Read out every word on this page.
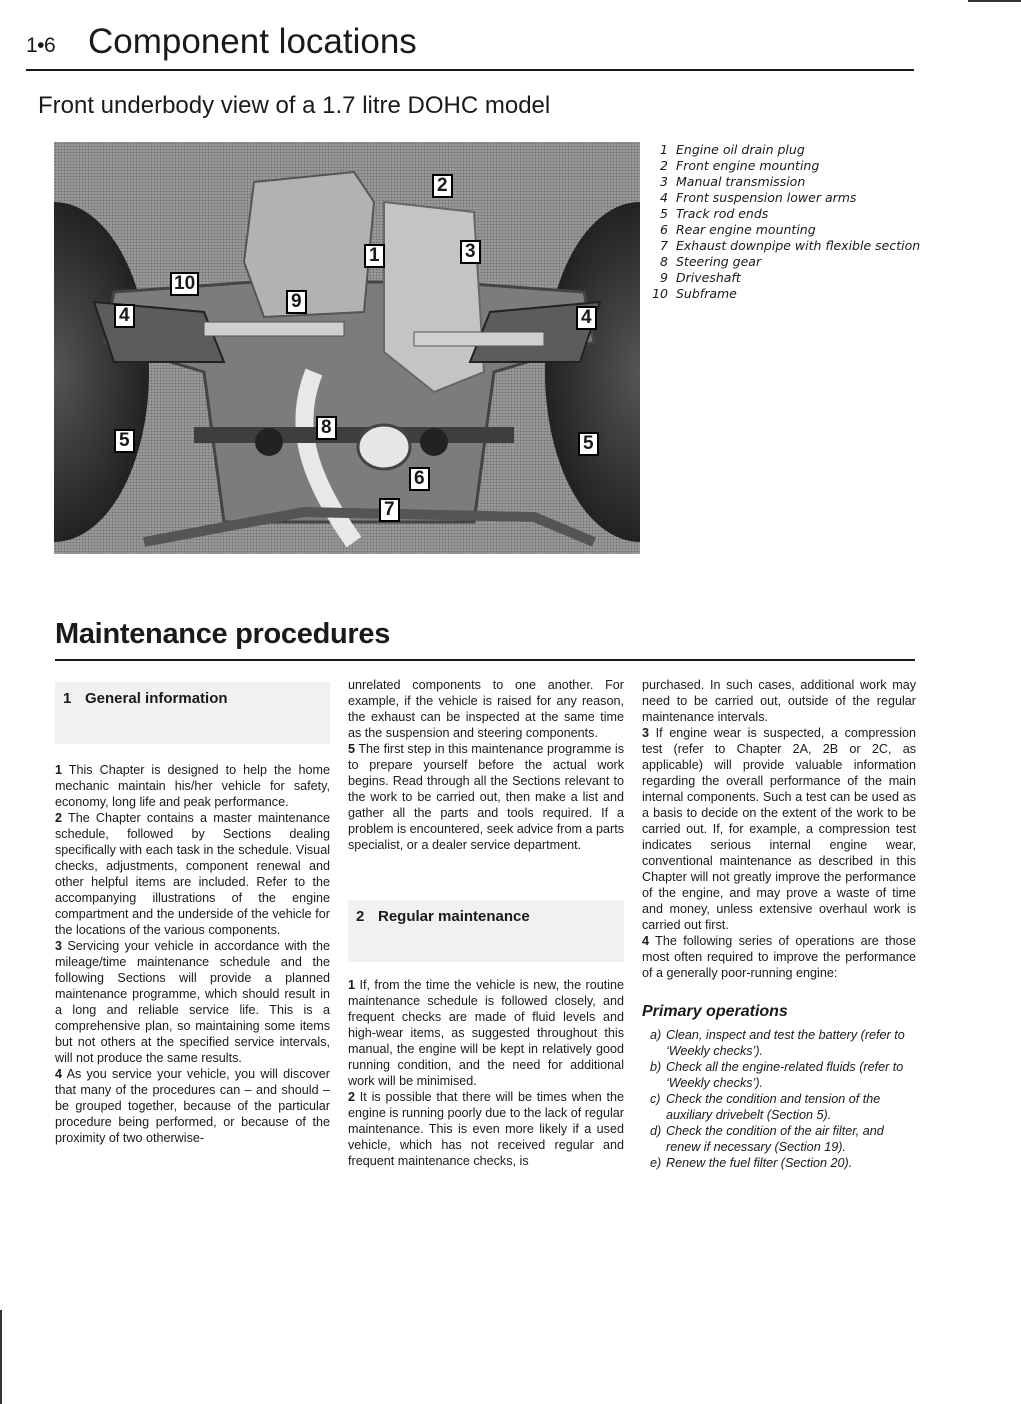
1•6 Component locations
Front underbody view of a 1.7 litre DOHC model
10
2
1	3
9
4	4
5	5
8
6
7
1 Engine oil drain plug
2 Front engine mounting
3 Manual transmission
4 Front suspension lower arms
5 Track rod ends
6 Rear engine mounting
7 Exhaust downpipe with flexible section
8 Steering gear
9 Driveshaft
10 Subframe
Maintenance procedures
1 General information

1 This Chapter is designed to help the home mechanic maintain his/her vehicle for safety, economy, long life and peak performance.

2 The Chapter contains a master maintenance schedule, followed by Sections dealing specifically with each task in the schedule. Visual checks, adjustments, component renewal and other helpful items are included. Refer to the accompanying illustrations of the engine compartment and the underside of the vehicle for the locations of the various components.

3 Servicing your vehicle in accordance with the mileage/time maintenance schedule and the following Sections will provide a planned maintenance programme, which should result in a long and reliable service life. This is a comprehensive plan, so maintaining some items but not others at the specified service intervals, will not produce the same results.

4 As you service your vehicle, you will discover that many of the procedures can – and should – be grouped together, because of the particular procedure being performed, or because of the proximity of two otherwise-

unrelated components to one another. For example, if the vehicle is raised for any reason, the exhaust can be inspected at the same time as the suspension and steering components.

5 The first step in this maintenance programme is to prepare yourself before the actual work begins. Read through all the Sections relevant to the work to be carried out, then make a list and gather all the parts and tools required. If a problem is encountered, seek advice from a parts specialist, or a dealer service department.

2 Regular maintenance

1 If, from the time the vehicle is new, the routine maintenance schedule is followed closely, and frequent checks are made of fluid levels and high-wear items, as suggested throughout this manual, the engine will be kept in relatively good running condition, and the need for additional work will be minimised.

2 It is possible that there will be times when the engine is running poorly due to the lack of regular maintenance. This is even more likely if a used vehicle, which has not received regular and frequent maintenance checks, is

purchased. In such cases, additional work may need to be carried out, outside of the regular maintenance intervals.

3 If engine wear is suspected, a compression test (refer to Chapter 2A, 2B or 2C, as applicable) will provide valuable information regarding the overall performance of the main internal components. Such a test can be used as a basis to decide on the extent of the work to be carried out. If, for example, a compression test indicates serious internal engine wear, conventional maintenance as described in this Chapter will not greatly improve the performance of the engine, and may prove a waste of time and money, unless extensive overhaul work is carried out first.

4 The following series of operations are those most often required to improve the performance of a generally poor-running engine:

Primary operations
a) Clean, inspect and test the battery (refer to ‘Weekly checks’).
b) Check all the engine-related fluids (refer to ‘Weekly checks’).
c) Check the condition and tension of the auxiliary drivebelt (Section 5).
d) Check the condition of the air filter, and renew if necessary (Section 19).
e) Renew the fuel filter (Section 20).
